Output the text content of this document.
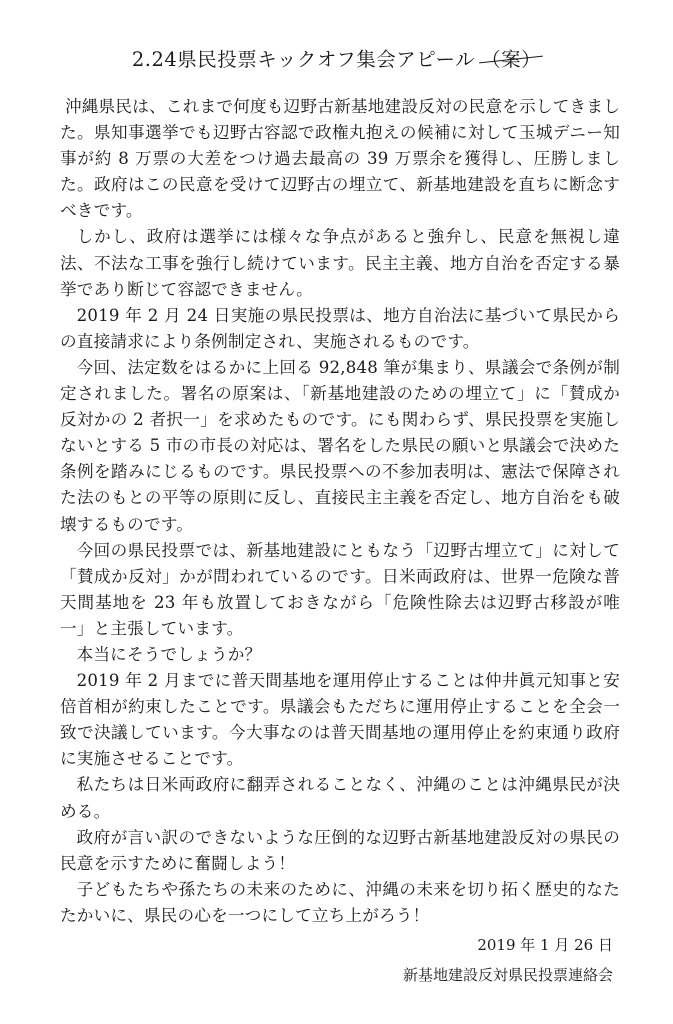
2.24県民投票キックオフ集会アピール （案）

沖縄県民は、これまで何度も辺野古新基地建設反対の民意を示してきました。県知事選挙でも辺野古容認で政権丸抱えの候補に対して玉城デニー知事が約 8 万票の大差をつけ過去最高の 39 万票余を獲得し、圧勝しました。政府はこの民意を受けて辺野古の埋立て、新基地建設を直ちに断念すべきです。

しかし、政府は選挙には様々な争点があると強弁し、民意を無視し違法、不法な工事を強行し続けています。民主主義、地方自治を否定する暴挙であり断じて容認できません。

2019 年 2 月 24 日実施の県民投票は、地方自治法に基づいて県民からの直接請求により条例制定され、実施されるものです。

今回、法定数をはるかに上回る 92,848 筆が集まり、県議会で条例が制定されました。署名の原案は、「新基地建設のための埋立て」に「賛成か反対かの 2 者択一」を求めたものです。にも関わらず、県民投票を実施しないとする 5 市の市長の対応は、署名をした県民の願いと県議会で決めた条例を踏みにじるものです。県民投票への不参加表明は、憲法で保障された法のもとの平等の原則に反し、直接民主主義を否定し、地方自治をも破壊するものです。

今回の県民投票では、新基地建設にともなう「辺野古埋立て」に対して「賛成か反対」かが問われているのです。日米両政府は、世界一危険な普天間基地を 23 年も放置しておきながら「危険性除去は辺野古移設が唯一」と主張しています。

本当にそうでしょうか？

2019 年 2 月までに普天間基地を運用停止することは仲井眞元知事と安倍首相が約束したことです。県議会もただちに運用停止することを全会一致で決議しています。今大事なのは普天間基地の運用停止を約束通り政府に実施させることです。

私たちは日米両政府に翻弄されることなく、沖縄のことは沖縄県民が決める。

政府が言い訳のできないような圧倒的な辺野古新基地建設反対の県民の民意を示すために奮闘しよう！

子どもたちや孫たちの未来のために、沖縄の未来を切り拓く歴史的なたたかいに、県民の心を一つにして立ち上がろう！

2019 年 1 月 26 日
新基地建設反対県民投票連絡会
